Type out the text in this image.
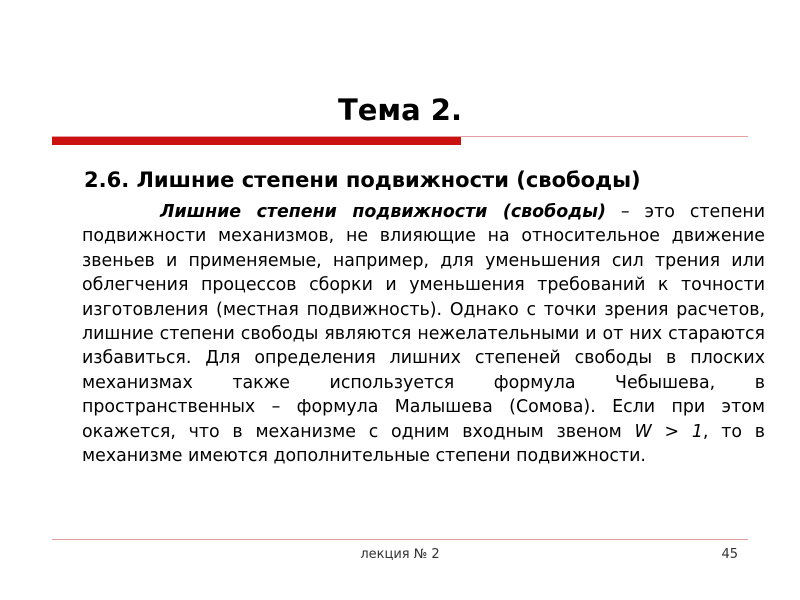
Тема 2.
2.6. Лишние степени подвижности (свободы)

Лишние степени подвижности (свободы) – это степени подвижности механизмов, не влияющие на относительное движение звеньев и применяемые, например, для уменьшения сил трения или облегчения процессов сборки и уменьшения требований к точности изготовления (местная подвижность). Однако с точки зрения расчетов, лишние степени свободы являются нежелательными и от них стараются избавиться. Для определения лишних степеней свободы в плоских механизмах также используется формула Чебышева, в пространственных – формула Малышева (Сомова). Если при этом окажется, что в механизме с одним входным звеном W > 1, то в механизме имеются дополнительные степени подвижности.

лекция № 2	45
